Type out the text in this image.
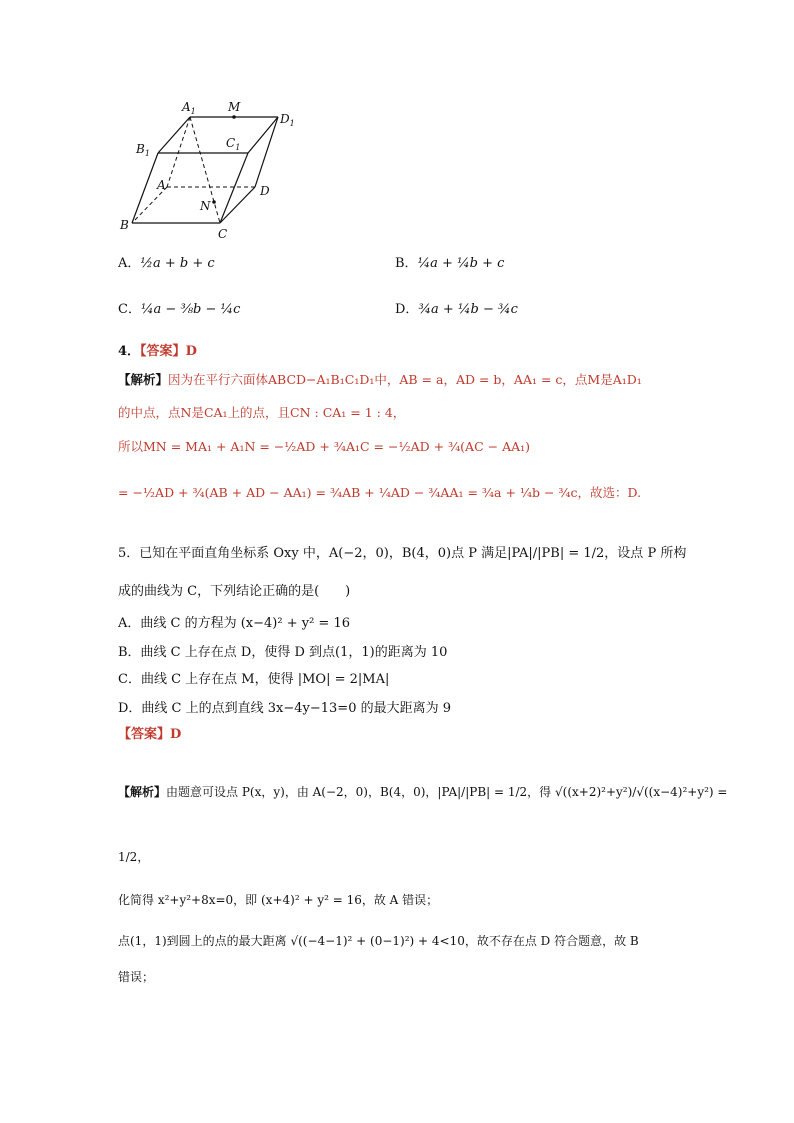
$A_1$	M
$D_1$
$B_1$
$C_1$
A	D
N
B
C
A．½a + b + c	B．¼a + ¼b + c
C．¼a − ⅜b − ¼c	D．¾a + ¼b − ¾c
4．【答案】D
【解析】因为在平行六面体ABCD−A₁B₁C₁D₁中，AB = a，AD = b，AA₁ = c，点M是A₁D₁
的中点，点N是CA₁上的点，且CN : CA₁ = 1 : 4，
所以MN = MA₁ + A₁N = −½AD + ¾A₁C = −½AD + ¾(AC − AA₁)
= −½AD + ¾(AB + AD − AA₁) = ¾AB + ¼AD − ¾AA₁ = ¾a + ¼b − ¾c，故选：D.
5．已知在平面直角坐标系 Oxy 中，A(−2，0)，B(4，0)点 P 满足|PA|/|PB| = 1/2，设点 P 所构
成的曲线为 C，下列结论正确的是(　　)
A．曲线 C 的方程为 (x−4)² + y² = 16
B．曲线 C 上存在点 D，使得 D 到点(1，1)的距离为 10
C．曲线 C 上存在点 M，使得 |MO| = 2|MA|
D．曲线 C 上的点到直线 3x−4y−13=0 的最大距离为 9
【答案】D
【解析】由题意可设点 P(x，y)，由 A(−2，0)，B(4，0)，|PA|/|PB| = 1/2，得 √((x+2)²+y²)/√((x−4)²+y²) =
1/2，
化简得 x²+y²+8x=0，即 (x+4)² + y² = 16，故 A 错误；
点(1，1)到圆上的点的最大距离 √((−4−1)² + (0−1)²) + 4<10，故不存在点 D 符合题意，故 B
错误；
